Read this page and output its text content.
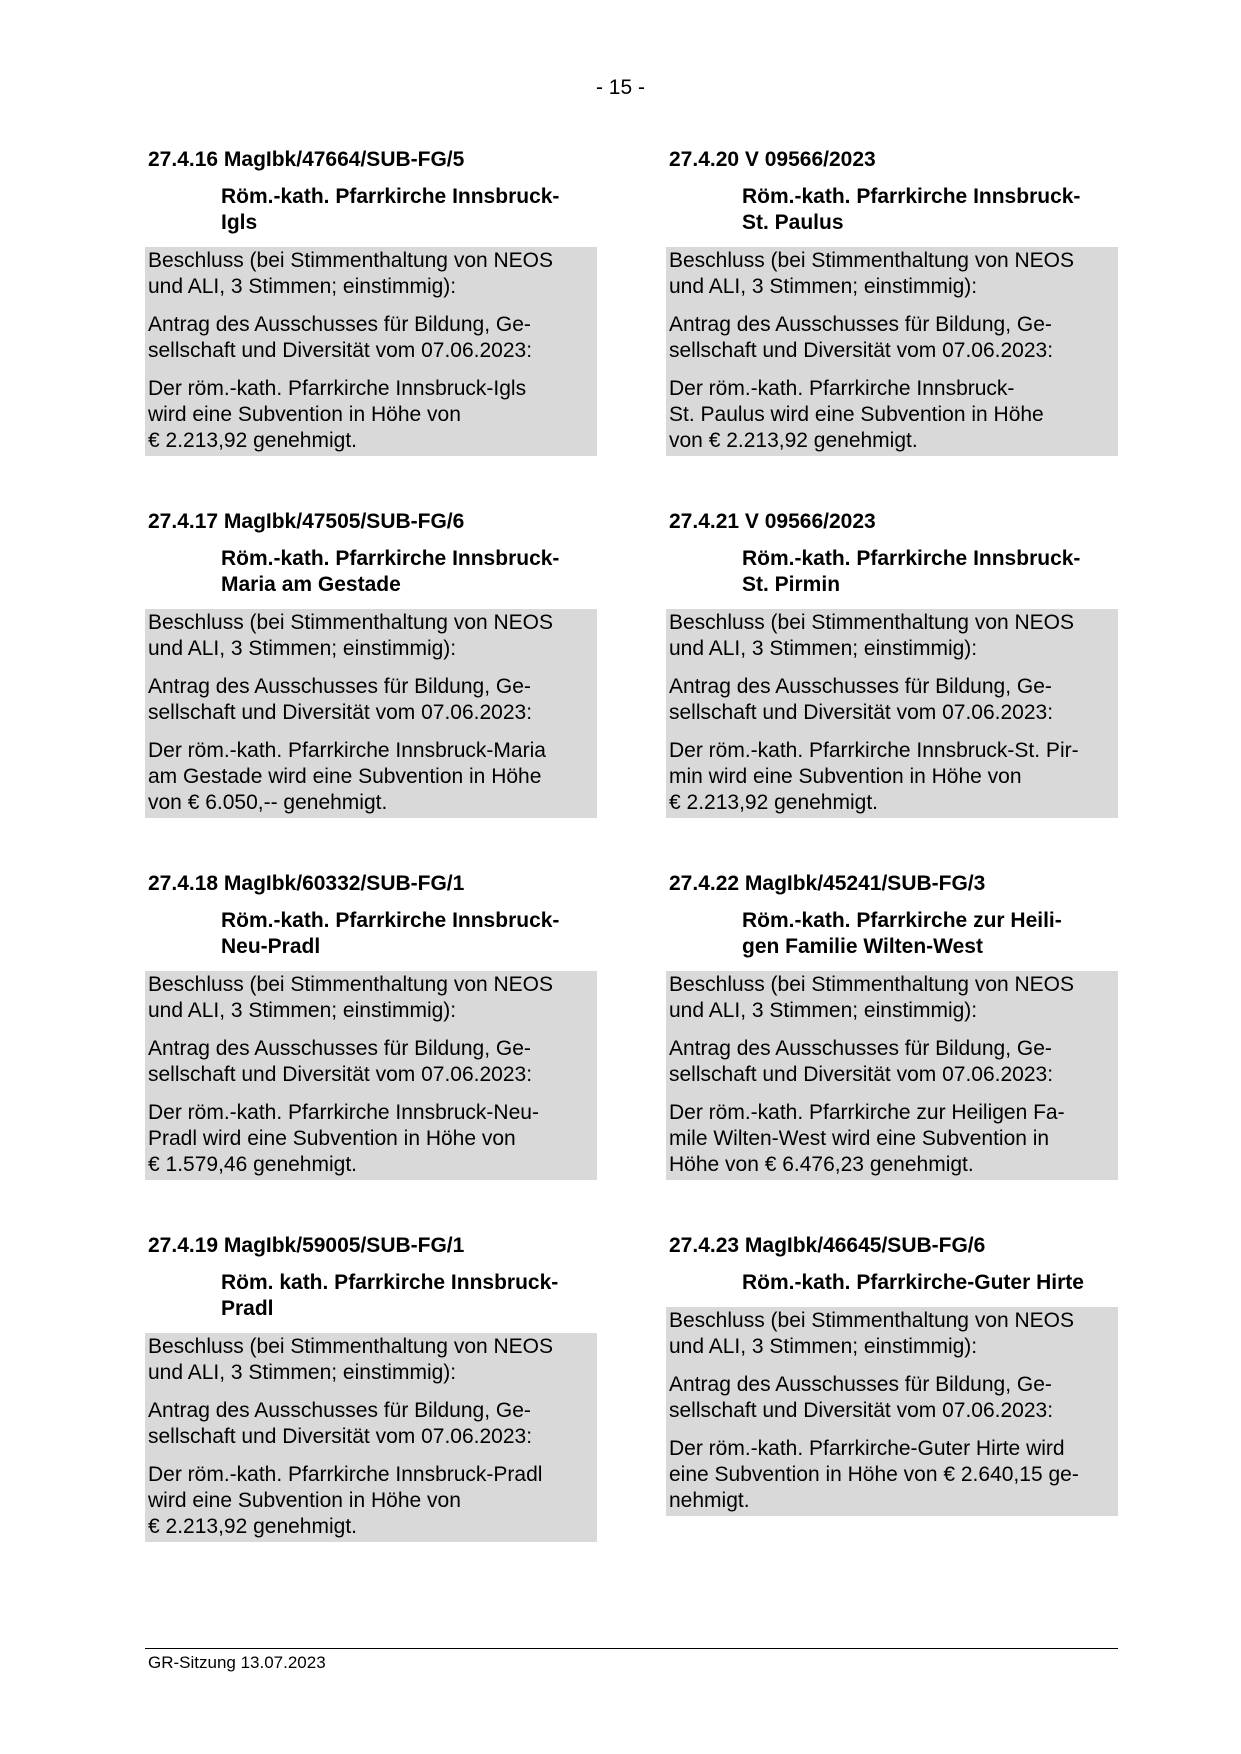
- 15 -
27.4.16 MagIbk/47664/SUB-FG/5
Röm.-kath. Pfarrkirche Innsbruck-
Igls

Beschluss (bei Stimmenthaltung von NEOS
und ALI, 3 Stimmen; einstimmig):

Antrag des Ausschusses für Bildung, Ge-
sellschaft und Diversität vom 07.06.2023:

Der röm.-kath. Pfarrkirche Innsbruck-Igls
wird eine Subvention in Höhe von
€ 2.213,92 genehmigt.

27.4.17 MagIbk/47505/SUB-FG/6
Röm.-kath. Pfarrkirche Innsbruck-
Maria am Gestade

Beschluss (bei Stimmenthaltung von NEOS
und ALI, 3 Stimmen; einstimmig):

Antrag des Ausschusses für Bildung, Ge-
sellschaft und Diversität vom 07.06.2023:

Der röm.-kath. Pfarrkirche Innsbruck-Maria
am Gestade wird eine Subvention in Höhe
von € 6.050,-- genehmigt.

27.4.18 MagIbk/60332/SUB-FG/1
Röm.-kath. Pfarrkirche Innsbruck-
Neu-Pradl

Beschluss (bei Stimmenthaltung von NEOS
und ALI, 3 Stimmen; einstimmig):

Antrag des Ausschusses für Bildung, Ge-
sellschaft und Diversität vom 07.06.2023:

Der röm.-kath. Pfarrkirche Innsbruck-Neu-
Pradl wird eine Subvention in Höhe von
€ 1.579,46 genehmigt.

27.4.19 MagIbk/59005/SUB-FG/1
Röm. kath. Pfarrkirche Innsbruck-
Pradl

Beschluss (bei Stimmenthaltung von NEOS
und ALI, 3 Stimmen; einstimmig):

Antrag des Ausschusses für Bildung, Ge-
sellschaft und Diversität vom 07.06.2023:

Der röm.-kath. Pfarrkirche Innsbruck-Pradl
wird eine Subvention in Höhe von
€ 2.213,92 genehmigt.

27.4.20 V 09566/2023
Röm.-kath. Pfarrkirche Innsbruck-
St. Paulus

Beschluss (bei Stimmenthaltung von NEOS
und ALI, 3 Stimmen; einstimmig):

Antrag des Ausschusses für Bildung, Ge-
sellschaft und Diversität vom 07.06.2023:

Der röm.-kath. Pfarrkirche Innsbruck-
St. Paulus wird eine Subvention in Höhe
von € 2.213,92 genehmigt.

27.4.21 V 09566/2023
Röm.-kath. Pfarrkirche Innsbruck-
St. Pirmin

Beschluss (bei Stimmenthaltung von NEOS
und ALI, 3 Stimmen; einstimmig):

Antrag des Ausschusses für Bildung, Ge-
sellschaft und Diversität vom 07.06.2023:

Der röm.-kath. Pfarrkirche Innsbruck-St. Pir-
min wird eine Subvention in Höhe von
€ 2.213,92 genehmigt.

27.4.22 MagIbk/45241/SUB-FG/3
Röm.-kath. Pfarrkirche zur Heili-
gen Familie Wilten-West

Beschluss (bei Stimmenthaltung von NEOS
und ALI, 3 Stimmen; einstimmig):

Antrag des Ausschusses für Bildung, Ge-
sellschaft und Diversität vom 07.06.2023:

Der röm.-kath. Pfarrkirche zur Heiligen Fa-
mile Wilten-West wird eine Subvention in
Höhe von € 6.476,23 genehmigt.

27.4.23 MagIbk/46645/SUB-FG/6
Röm.-kath. Pfarrkirche-Guter Hirte

Beschluss (bei Stimmenthaltung von NEOS
und ALI, 3 Stimmen; einstimmig):

Antrag des Ausschusses für Bildung, Ge-
sellschaft und Diversität vom 07.06.2023:

Der röm.-kath. Pfarrkirche-Guter Hirte wird
eine Subvention in Höhe von € 2.640,15 ge-
nehmigt.

GR-Sitzung 13.07.2023
